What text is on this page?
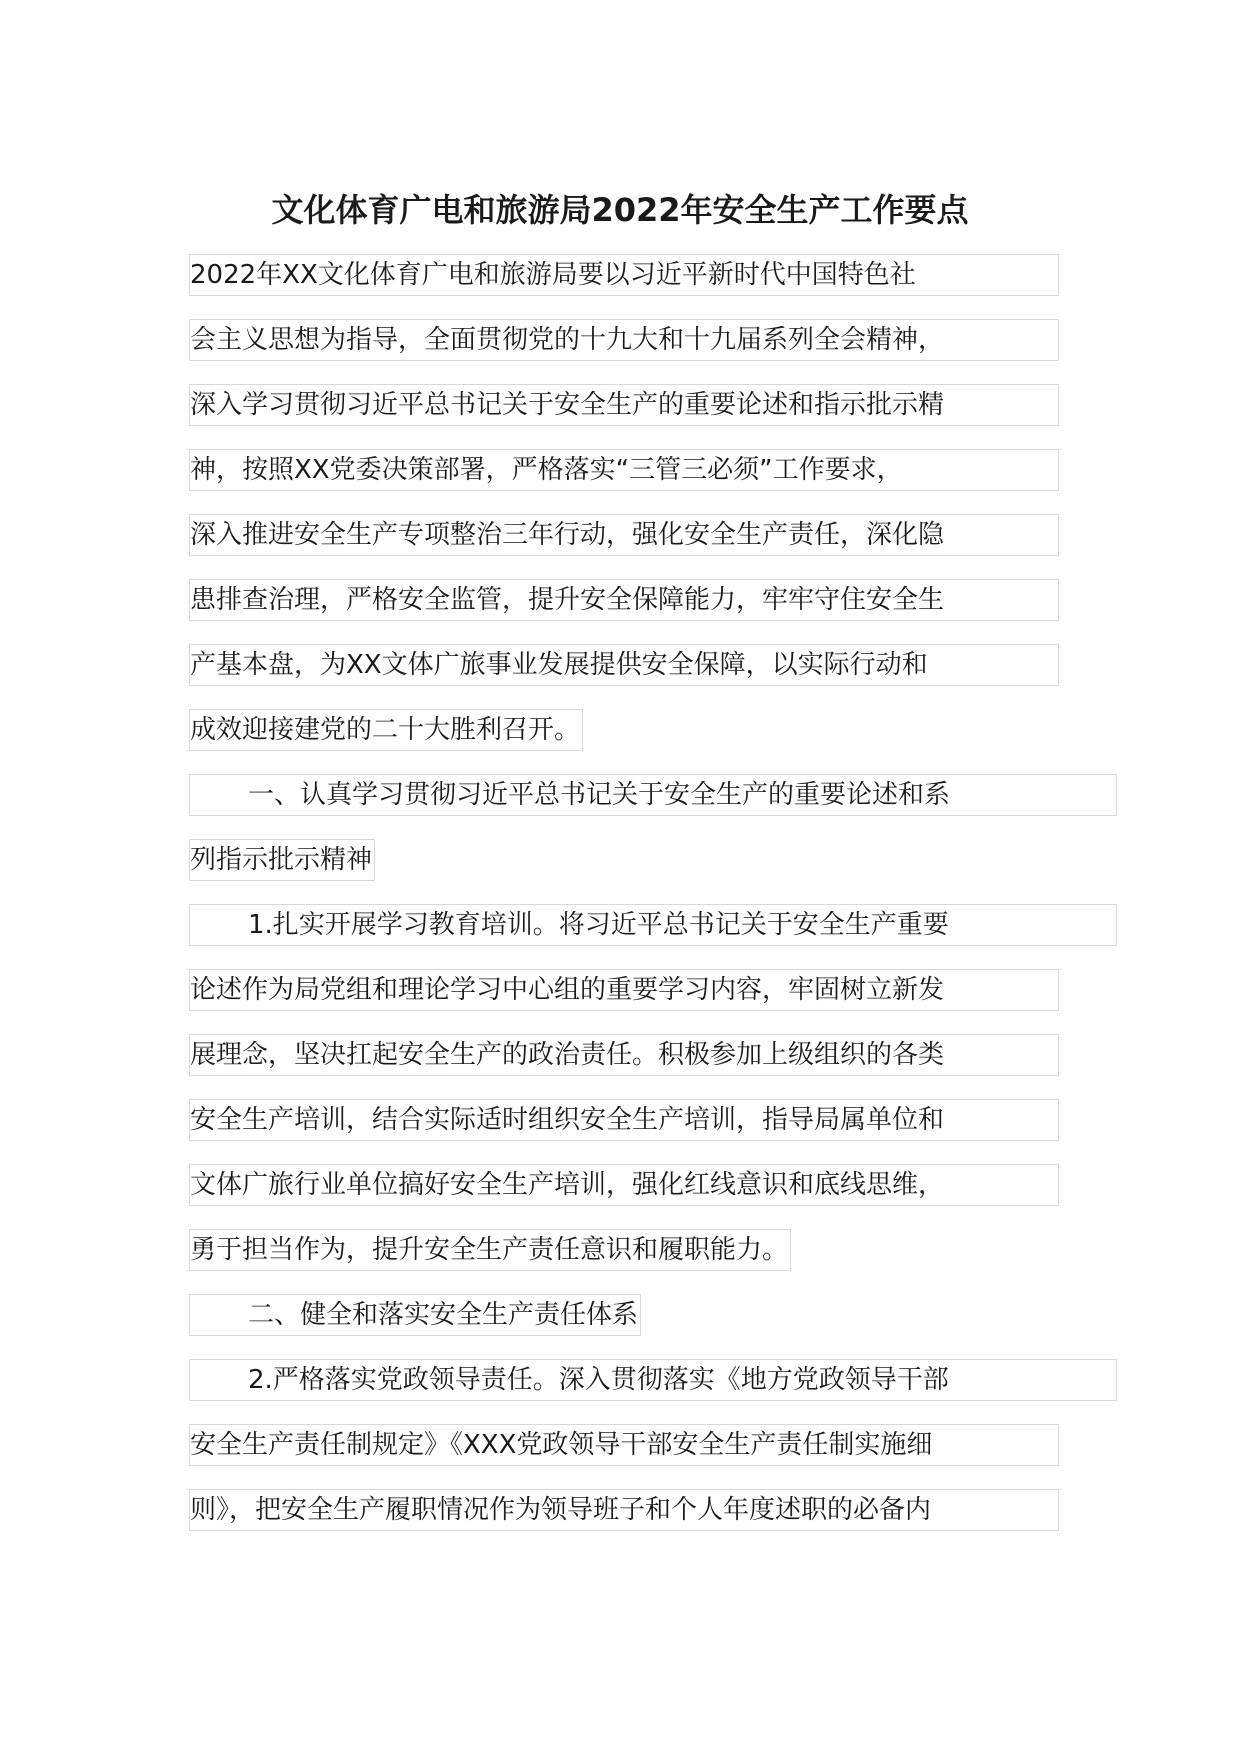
文化体育广电和旅游局2022年安全生产工作要点
2022年XX文化体育广电和旅游局要以习近平新时代中国特色社
会主义思想为指导，全面贯彻党的十九大和十九届系列全会精神，
深入学习贯彻习近平总书记关于安全生产的重要论述和指示批示精
神，按照XX党委决策部署，严格落实“三管三必须”工作要求，
深入推进安全生产专项整治三年行动，强化安全生产责任，深化隐
患排查治理，严格安全监管，提升安全保障能力，牢牢守住安全生
产基本盘，为XX文体广旅事业发展提供安全保障，以实际行动和
成效迎接建党的二十大胜利召开。
一、认真学习贯彻习近平总书记关于安全生产的重要论述和系
列指示批示精神
1.扎实开展学习教育培训。将习近平总书记关于安全生产重要
论述作为局党组和理论学习中心组的重要学习内容，牢固树立新发
展理念，坚决扛起安全生产的政治责任。积极参加上级组织的各类
安全生产培训，结合实际适时组织安全生产培训，指导局属单位和
文体广旅行业单位搞好安全生产培训，强化红线意识和底线思维，
勇于担当作为，提升安全生产责任意识和履职能力。
二、健全和落实安全生产责任体系
2.严格落实党政领导责任。深入贯彻落实《地方党政领导干部
安全生产责任制规定》《XXX党政领导干部安全生产责任制实施细
则》，把安全生产履职情况作为领导班子和个人年度述职的必备内
